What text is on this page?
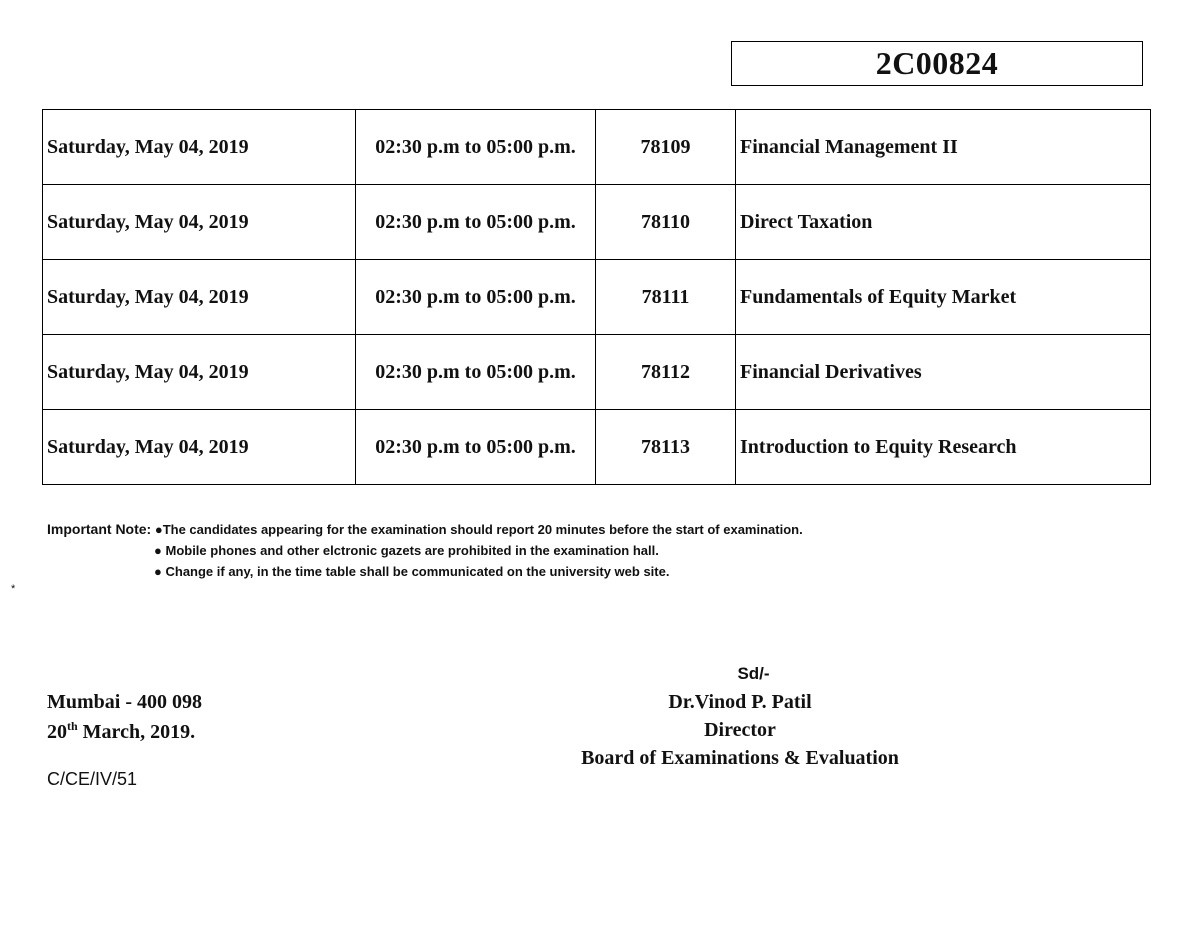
2C00824
Saturday, May 04, 2019	02:30 p.m to 05:00 p.m.	78109	Financial Management II
Saturday, May 04, 2019	02:30 p.m to 05:00 p.m.	78110	Direct Taxation
Saturday, May 04, 2019	02:30 p.m to 05:00 p.m.	78111	Fundamentals of Equity Market
Saturday, May 04, 2019	02:30 p.m to 05:00 p.m.	78112	Financial Derivatives
Saturday, May 04, 2019	02:30 p.m to 05:00 p.m.	78113	Introduction to Equity Research
Important Note: ●The candidates appearing for the examination should report 20 minutes before the start of examination.
● Mobile phones and other elctronic gazets are prohibited in the examination hall.
● Change if any, in the time table shall be communicated on the university web site.
*
Mumbai - 400 098
20th March, 2019.
C/CE/IV/51
Sd/-
Dr.Vinod P. Patil
Director
Board of Examinations & Evaluation
